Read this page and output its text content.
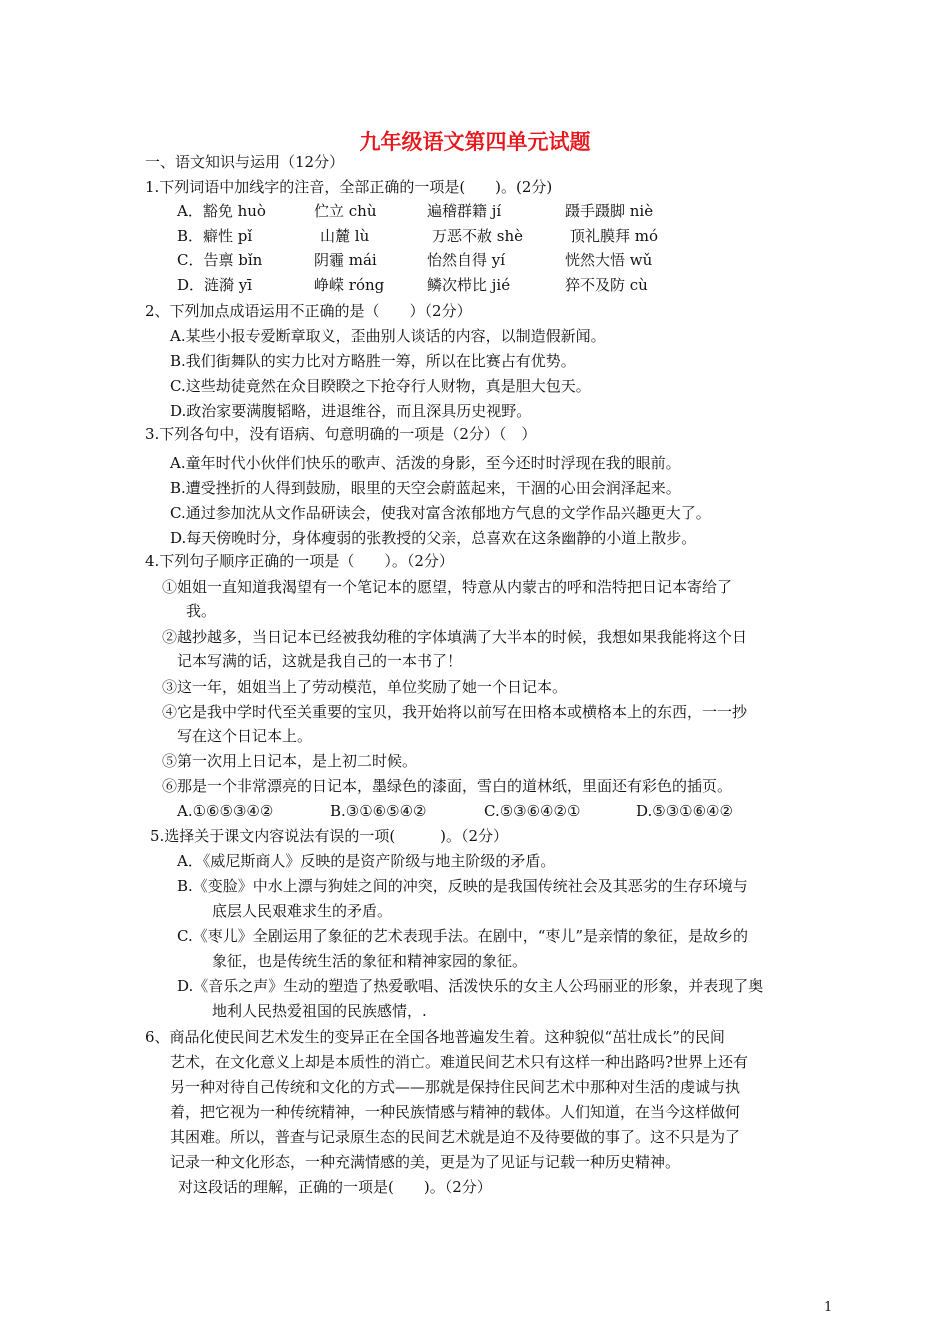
九年级语文第四单元试题
一、语文知识与运用（12分）
1.下列词语中加线字的注音，全部正确的一项是(　　)。(2分)
A．豁免 huò	伫立 chù	遍稽群籍 jí	蹑手蹑脚 niè
B．癖性 pǐ	山麓 lù	万恶不赦 shè	顶礼膜拜 mó
C．告禀 bǐn	阴霾 mái	怡然自得 yí	恍然大悟 wǔ
D．涟漪 yī	峥嵘 róng	鳞次栉比 jié	猝不及防 cù
2、下列加点成语运用不正确的是（　　）（2分）
A.某些小报专爱断章取义，歪曲别人谈话的内容，以制造假新闻。
B.我们街舞队的实力比对方略胜一筹，所以在比赛占有优势。
C.这些劫徒竟然在众目睽睽之下抢夺行人财物，真是胆大包天。
D.政治家要满腹韬略，进退维谷，而且深具历史视野。
3.下列各句中，没有语病、句意明确的一项是（2分）（　）
A.童年时代小伙伴们快乐的歌声、活泼的身影，至今还时时浮现在我的眼前。
B.遭受挫折的人得到鼓励，眼里的天空会蔚蓝起来，干涸的心田会润泽起来。
C.通过参加沈从文作品研读会，使我对富含浓郁地方气息的文学作品兴趣更大了。
D.每天傍晚时分，身体瘦弱的张教授的父亲，总喜欢在这条幽静的小道上散步。
4.下列句子顺序正确的一项是（　　）。（2分）
①姐姐一直知道我渴望有一个笔记本的愿望，特意从内蒙古的呼和浩特把日记本寄给了
我。
②越抄越多，当日记本已经被我幼稚的字体填满了大半本的时候，我想如果我能将这个日
记本写满的话，这就是我自己的一本书了！
③这一年，姐姐当上了劳动模范，单位奖励了她一个日记本。
④它是我中学时代至关重要的宝贝，我开始将以前写在田格本或横格本上的东西，一一抄
写在这个日记本上。
⑤第一次用上日记本，是上初二时候。
⑥那是一个非常漂亮的日记本，墨绿色的漆面，雪白的道林纸，里面还有彩色的插页。
A.①⑥⑤③④②	B.③①⑥⑤④②	C.⑤③⑥④②①	D.⑤③①⑥④②
5.选择关于课文内容说法有误的一项(　　　)。（2分）
A．《威尼斯商人》反映的是资产阶级与地主阶级的矛盾。
B.《变脸》中水上漂与狗娃之间的冲突，反映的是我国传统社会及其恶劣的生存环境与
底层人民艰难求生的矛盾。
C.《枣儿》全剧运用了象征的艺术表现手法。在剧中，“枣儿”是亲情的象征，是故乡的
象征，也是传统生活的象征和精神家园的象征。
D.《音乐之声》生动的塑造了热爱歌唱、活泼快乐的女主人公玛丽亚的形象，并表现了奥
地利人民热爱祖国的民族感情，.
6、商品化使民间艺术发生的变异正在全国各地普遍发生着。这种貌似“茁壮成长”的民间
艺术，在文化意义上却是本质性的消亡。难道民间艺术只有这样一种出路吗?世界上还有
另一种对待自己传统和文化的方式——那就是保持住民间艺术中那种对生活的虔诚与执
着，把它视为一种传统精神，一种民族情感与精神的载体。人们知道，在当今这样做何
其困难。所以，普查与记录原生态的民间艺术就是迫不及待要做的事了。这不只是为了
记录一种文化形态，一种充满情感的美，更是为了见证与记载一种历史精神。
对这段话的理解，正确的一项是(　　)。（2分）
1
